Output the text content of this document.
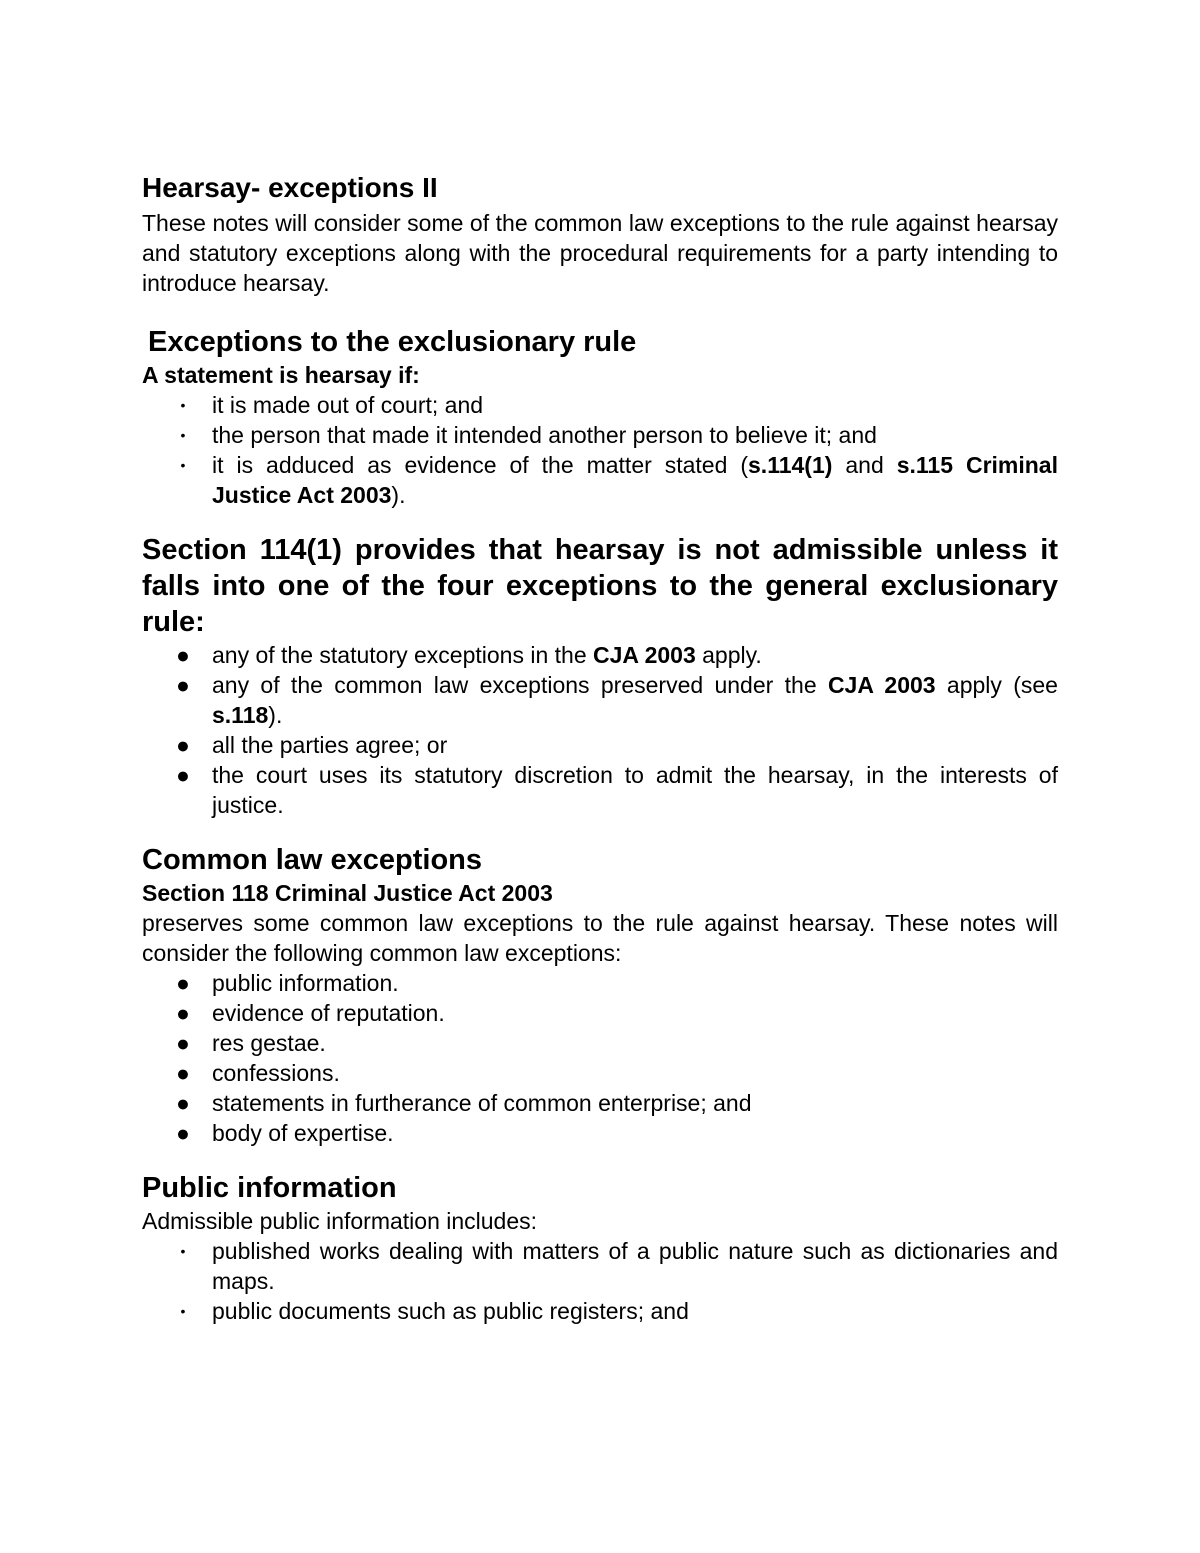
Hearsay- exceptions II

These notes will consider some of the common law exceptions to the rule against hearsay and statutory exceptions along with the procedural requirements for a party intending to introduce hearsay.

Exceptions to the exclusionary rule
A statement is hearsay if:
• it is made out of court; and
• the person that made it intended another person to believe it; and
• it is adduced as evidence of the matter stated (s.114(1) and s.115 Criminal Justice Act 2003).
Section 114(1) provides that hearsay is not admissible unless it falls into one of the four exceptions to the general exclusionary rule:
● any of the statutory exceptions in the CJA 2003 apply.
● any of the common law exceptions preserved under the CJA 2003 apply (see s.118).
● all the parties agree; or
● the court uses its statutory discretion to admit the hearsay, in the interests of justice.
Common law exceptions
Section 118 Criminal Justice Act 2003

preserves some common law exceptions to the rule against hearsay. These notes will consider the following common law exceptions:

● public information.
● evidence of reputation.
● res gestae.
● confessions.
● statements in furtherance of common enterprise; and
● body of expertise.
Public information

Admissible public information includes:

• published works dealing with matters of a public nature such as dictionaries and maps.
• public documents such as public registers; and
